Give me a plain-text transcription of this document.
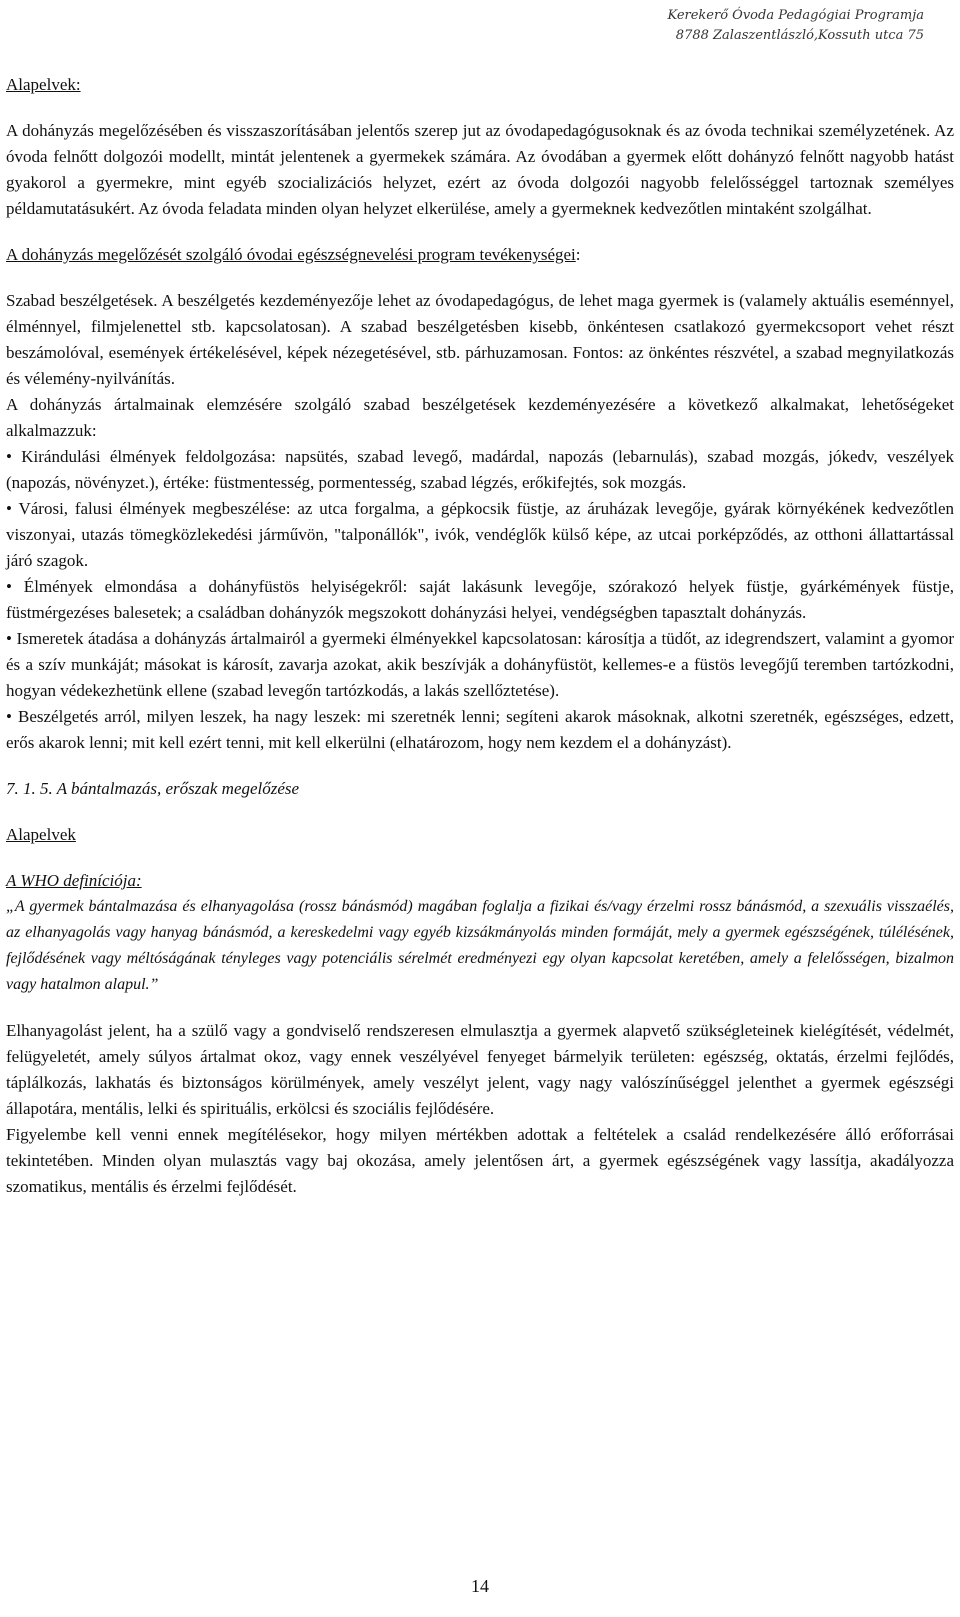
Kerekerő Óvoda Pedagógiai Programja
8788 Zalaszentlászló,Kossuth utca 75

Alapelvek:

A dohányzás megelőzésében és visszaszorításában jelentős szerep jut az óvodapedagógusoknak és az óvoda technikai személyzetének. Az óvoda felnőtt dolgozói modellt, mintát jelentenek a gyermekek számára. Az óvodában a gyermek előtt dohányzó felnőtt nagyobb hatást gyakorol a gyermekre, mint egyéb szocializációs helyzet, ezért az óvoda dolgozói nagyobb felelősséggel tartoznak személyes példamutatásukért. Az óvoda feladata minden olyan helyzet elkerülése, amely a gyermeknek kedvezőtlen mintaként szolgálhat.

A dohányzás megelőzését szolgáló óvodai egészségnevelési program tevékenységei:

Szabad beszélgetések. A beszélgetés kezdeményezője lehet az óvodapedagógus, de lehet maga gyermek is (valamely aktuális eseménnyel, élménnyel, filmjelenettel stb. kapcsolatosan). A szabad beszélgetésben kisebb, önkéntesen csatlakozó gyermekcsoport vehet részt beszámolóval, események értékelésével, képek nézegetésével, stb. párhuzamosan. Fontos: az önkéntes részvétel, a szabad megnyilatkozás és vélemény-nyilvánítás.

A dohányzás ártalmainak elemzésére szolgáló szabad beszélgetések kezdeményezésére a következő alkalmakat, lehetőségeket alkalmazzuk:

• Kirándulási élmények feldolgozása: napsütés, szabad levegő, madárdal, napozás (lebarnulás), szabad mozgás, jókedv, veszélyek (napozás, növényzet.), értéke: füstmentesség, pormentesség, szabad légzés, erőkifejtés, sok mozgás.

• Városi, falusi élmények megbeszélése: az utca forgalma, a gépkocsik füstje, az áruházak levegője, gyárak környékének kedvezőtlen viszonyai, utazás tömegközlekedési járművön, "talponállók", ivók, vendéglők külső képe, az utcai porképződés, az otthoni állattartással járó szagok.

• Élmények elmondása a dohányfüstös helyiségekről: saját lakásunk levegője, szórakozó helyek füstje, gyárkémények füstje, füstmérgezéses balesetek; a családban dohányzók megszokott dohányzási helyei, vendégségben tapasztalt dohányzás.

• Ismeretek átadása a dohányzás ártalmairól a gyermeki élményekkel kapcsolatosan: károsítja a tüdőt, az idegrendszert, valamint a gyomor és a szív munkáját; másokat is károsít, zavarja azokat, akik beszívják a dohányfüstöt, kellemes-e a füstös levegőjű teremben tartózkodni, hogyan védekezhetünk ellene (szabad levegőn tartózkodás, a lakás szellőztetése).

• Beszélgetés arról, milyen leszek, ha nagy leszek: mi szeretnék lenni; segíteni akarok másoknak, alkotni szeretnék, egészséges, edzett, erős akarok lenni; mit kell ezért tenni, mit kell elkerülni (elhatározom, hogy nem kezdem el a dohányzást).

7. 1. 5. A bántalmazás, erőszak megelőzése

Alapelvek

A WHO definíciója:

„A gyermek bántalmazása és elhanyagolása (rossz bánásmód) magában foglalja a fizikai és/vagy érzelmi rossz bánásmód, a szexuális visszaélés, az elhanyagolás vagy hanyag bánásmód, a kereskedelmi vagy egyéb kizsákmányolás minden formáját, mely a gyermek egészségének, túlélésének, fejlődésének vagy méltóságának tényleges vagy potenciális sérelmét eredményezi egy olyan kapcsolat keretében, amely a felelősségen, bizalmon vagy hatalmon alapul.”

Elhanyagolást jelent, ha a szülő vagy a gondviselő rendszeresen elmulasztja a gyermek alapvető szükségleteinek kielégítését, védelmét, felügyeletét, amely súlyos ártalmat okoz, vagy ennek veszélyével fenyeget bármelyik területen: egészség, oktatás, érzelmi fejlődés, táplálkozás, lakhatás és biztonságos körülmények, amely veszélyt jelent, vagy nagy valószínűséggel jelenthet a gyermek egészségi állapotára, mentális, lelki és spirituális, erkölcsi és szociális fejlődésére.

Figyelembe kell venni ennek megítélésekor, hogy milyen mértékben adottak a feltételek a család rendelkezésére álló erőforrásai tekintetében. Minden olyan mulasztás vagy baj okozása, amely jelentősen árt, a gyermek egészségének vagy lassítja, akadályozza szomatikus, mentális és érzelmi fejlődését.

14
